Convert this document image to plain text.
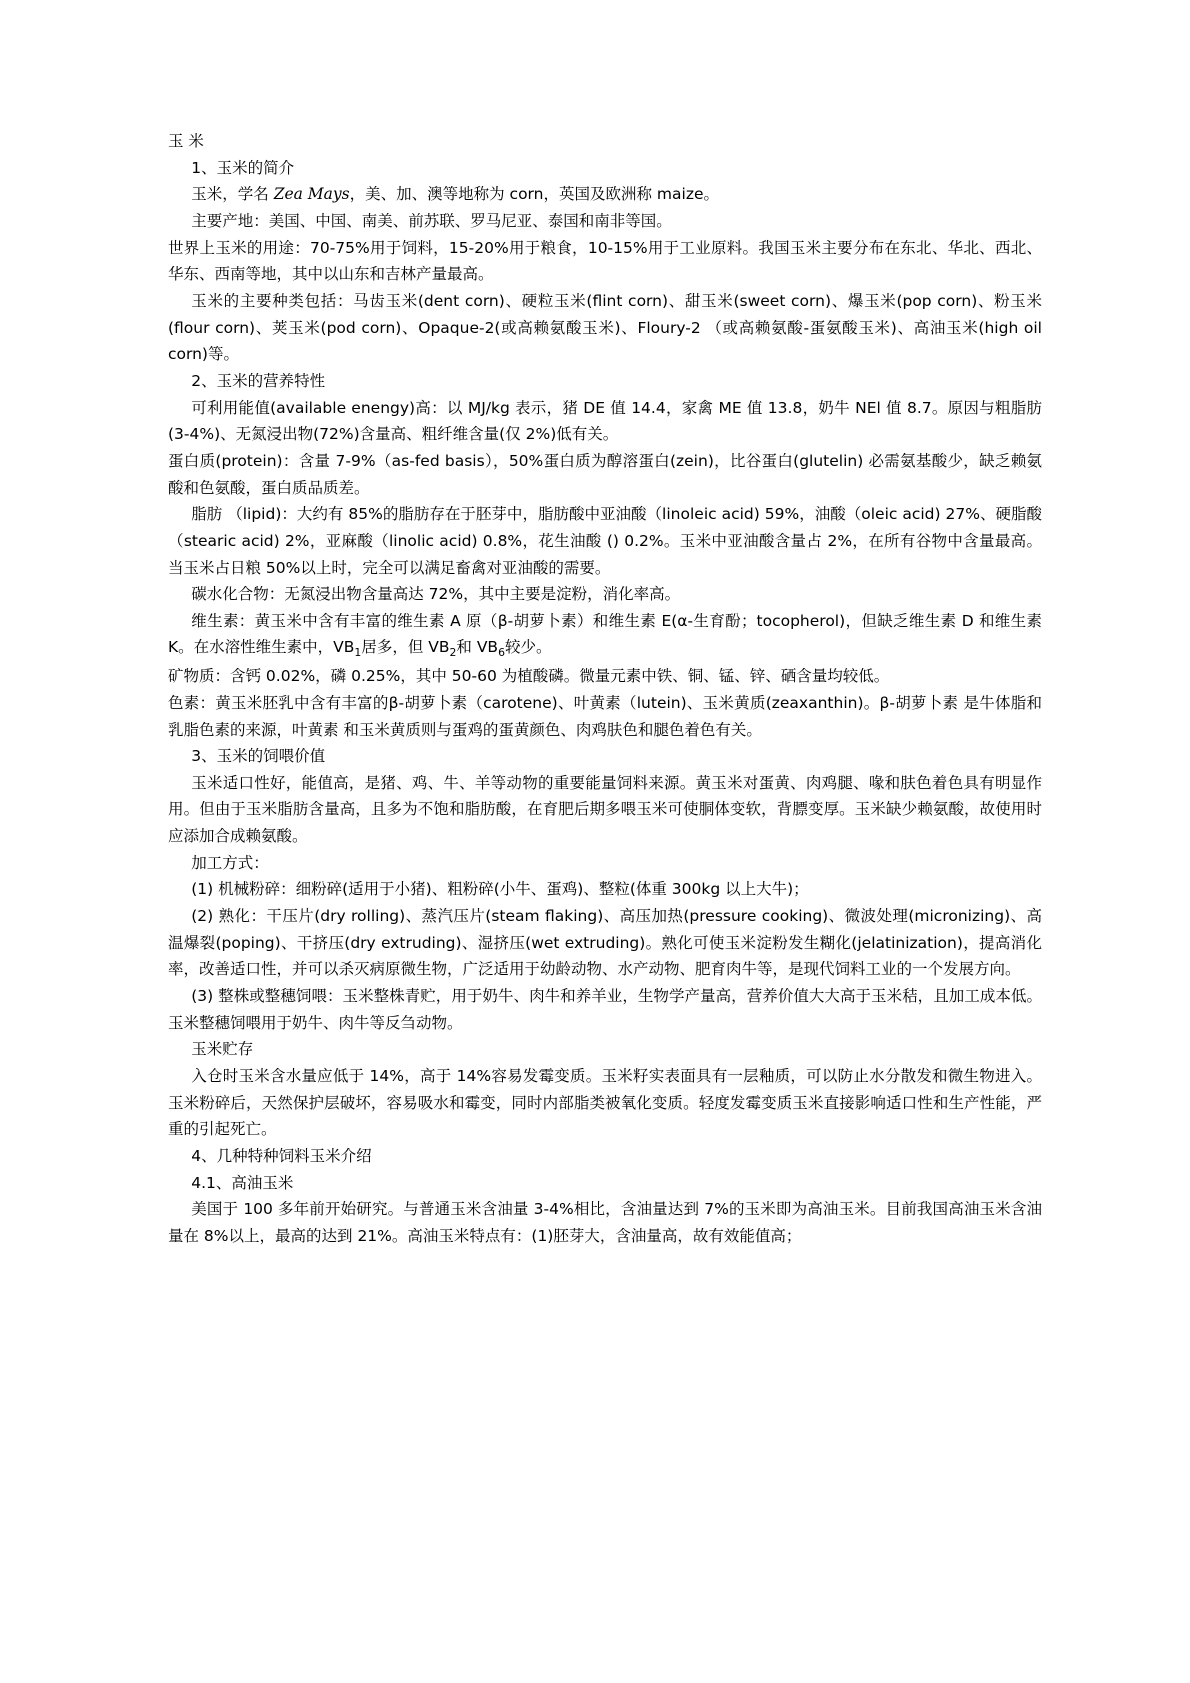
玉 米

1、玉米的简介

玉米，学名 Zea Mays，美、加、澳等地称为 corn，英国及欧洲称 maize。

主要产地：美国、中国、南美、前苏联、罗马尼亚、泰国和南非等国。

世界上玉米的用途：70-75%用于饲料，15-20%用于粮食，10-15%用于工业原料。我国玉米主要分布在东北、华北、西北、华东、西南等地，其中以山东和吉林产量最高。

玉米的主要种类包括：马齿玉米(dent corn)、硬粒玉米(flint corn)、甜玉米(sweet corn)、爆玉米(pop corn)、粉玉米(flour corn)、荚玉米(pod corn)、Opaque-2(或高赖氨酸玉米)、Floury-2 （或高赖氨酸-蛋氨酸玉米)、高油玉米(high oil corn)等。

2、玉米的营养特性

可利用能值(available enengy)高：以 MJ/kg 表示，猪 DE 值 14.4，家禽 ME 值 13.8，奶牛 NEl 值 8.7。原因与粗脂肪(3-4%)、无氮浸出物(72%)含量高、粗纤维含量(仅 2%)低有关。

蛋白质(protein)：含量 7-9%（as-fed basis），50%蛋白质为醇溶蛋白(zein)，比谷蛋白(glutelin) 必需氨基酸少，缺乏赖氨酸和色氨酸，蛋白质品质差。

脂肪 （lipid)：大约有 85%的脂肪存在于胚芽中，脂肪酸中亚油酸（linoleic acid) 59%，油酸（oleic acid) 27%、硬脂酸（stearic acid) 2%，亚麻酸（linolic acid) 0.8%，花生油酸 () 0.2%。玉米中亚油酸含量占 2%，在所有谷物中含量最高。当玉米占日粮 50%以上时，完全可以满足畜禽对亚油酸的需要。

碳水化合物：无氮浸出物含量高达 72%，其中主要是淀粉，消化率高。

维生素：黄玉米中含有丰富的维生素 A 原（β-胡萝卜素）和维生素 E(α-生育酚；tocopherol)，但缺乏维生素 D 和维生素 K。在水溶性维生素中，$VB_1$居多，但 $VB_2$和 $VB_6$较少。

矿物质：含钙 0.02%，磷 0.25%，其中 50-60 为植酸磷。微量元素中铁、铜、锰、锌、硒含量均较低。

色素：黄玉米胚乳中含有丰富的β-胡萝卜素（carotene)、叶黄素（lutein)、玉米黄质(zeaxanthin)。β-胡萝卜素 是牛体脂和乳脂色素的来源，叶黄素 和玉米黄质则与蛋鸡的蛋黄颜色、肉鸡肤色和腿色着色有关。

3、玉米的饲喂价值

玉米适口性好，能值高，是猪、鸡、牛、羊等动物的重要能量饲料来源。黄玉米对蛋黄、肉鸡腿、喙和肤色着色具有明显作用。但由于玉米脂肪含量高，且多为不饱和脂肪酸，在育肥后期多喂玉米可使胴体变软，背膘变厚。玉米缺少赖氨酸，故使用时应添加合成赖氨酸。

加工方式：

(1) 机械粉碎：细粉碎(适用于小猪)、粗粉碎(小牛、蛋鸡)、整粒(体重 300kg 以上大牛)；

(2) 熟化：干压片(dry rolling)、蒸汽压片(steam flaking)、高压加热(pressure cooking)、微波处理(micronizing)、高温爆裂(poping)、干挤压(dry extruding)、湿挤压(wet extruding)。熟化可使玉米淀粉发生糊化(jelatinization)，提高消化率，改善适口性，并可以杀灭病原微生物，广泛适用于幼龄动物、水产动物、肥育肉牛等，是现代饲料工业的一个发展方向。

(3) 整株或整穗饲喂：玉米整株青贮，用于奶牛、肉牛和养羊业，生物学产量高，营养价值大大高于玉米秸，且加工成本低。玉米整穗饲喂用于奶牛、肉牛等反刍动物。

玉米贮存

入仓时玉米含水量应低于 14%，高于 14%容易发霉变质。玉米籽实表面具有一层釉质，可以防止水分散发和微生物进入。玉米粉碎后，天然保护层破坏，容易吸水和霉变，同时内部脂类被氧化变质。轻度发霉变质玉米直接影响适口性和生产性能，严重的引起死亡。

4、几种特种饲料玉米介绍

4.1、高油玉米

美国于 100 多年前开始研究。与普通玉米含油量 3-4%相比，含油量达到 7%的玉米即为高油玉米。目前我国高油玉米含油量在 8%以上，最高的达到 21%。高油玉米特点有：(1)胚芽大，含油量高，故有效能值高；
